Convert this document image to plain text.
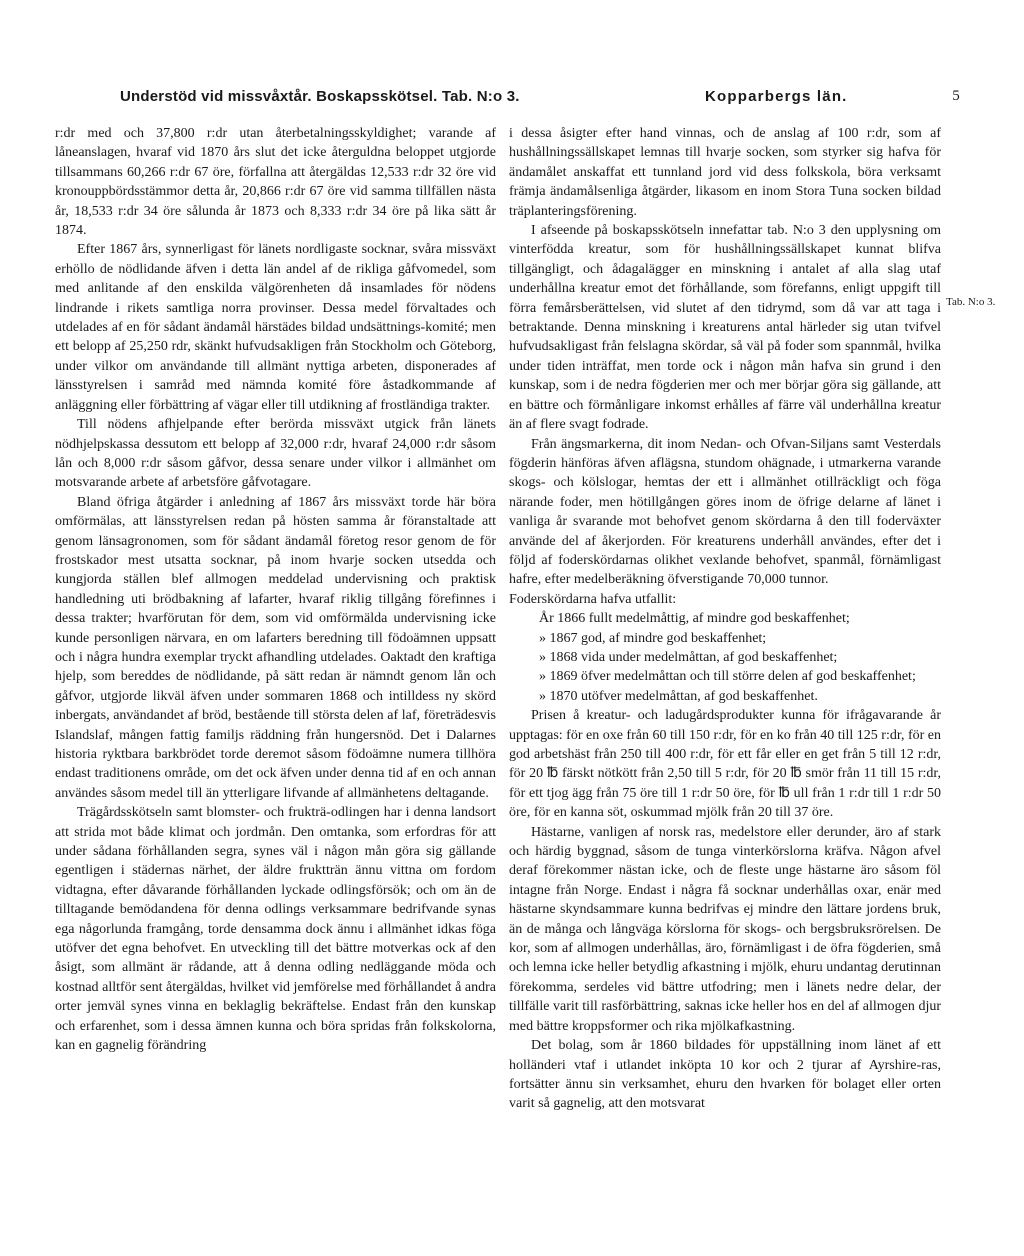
Understöd vid missvåxtår. Boskapsskötsel. Tab. N:o 3.	Kopparbergs län.	5

r:dr med och 37,800 r:dr utan återbetalningsskyldighet; varande af låneanslagen, hvaraf vid 1870 års slut det icke återguldna beloppet utgjorde tillsammans 60,266 r:dr 67 öre, förfallna att återgäldas 12,533 r:dr 32 öre vid kronouppbördsstämmor detta år, 20,866 r:dr 67 öre vid samma tillfällen nästa år, 18,533 r:dr 34 öre sålunda år 1873 och 8,333 r:dr 34 öre på lika sätt år 1874.

Efter 1867 års, synnerligast för länets nordligaste socknar, svåra missväxt erhöllo de nödlidande äfven i detta län andel af de rikliga gåfvomedel, som med anlitande af den enskilda välgörenheten då insamlades för nödens lindrande i rikets samtliga norra provinser. Dessa medel förvaltades och utdelades af en för sådant ändamål härstädes bildad undsättnings-komité; men ett belopp af 25,250 rdr, skänkt hufvudsakligen från Stockholm och Göteborg, under vilkor om användande till allmänt nyttiga arbeten, disponerades af länsstyrelsen i samråd med nämnda komité före åstadkommande af anläggning eller förbättring af vägar eller till utdikning af frostländiga trakter.

Till nödens afhjelpande efter berörda missväxt utgick från länets nödhjelpskassa dessutom ett belopp af 32,000 r:dr, hvaraf 24,000 r:dr såsom lån och 8,000 r:dr såsom gåfvor, dessa senare under vilkor i allmänhet om motsvarande arbete af arbetsföre gåfvotagare.

Bland öfriga åtgärder i anledning af 1867 års missväxt torde här böra omförmälas, att länsstyrelsen redan på hösten samma år föranstaltade att genom länsagronomen, som för sådant ändamål företog resor genom de för frostskador mest utsatta socknar, på inom hvarje socken utsedda och kungjorda ställen blef allmogen meddelad undervisning och praktisk handledning uti brödbakning af lafarter, hvaraf riklig tillgång förefinnes i dessa trakter; hvarförutan för dem, som vid omförmälda undervisning icke kunde personligen närvara, en om lafarters beredning till födoämnen uppsatt och i några hundra exemplar tryckt afhandling utdelades. Oaktadt den kraftiga hjelp, som bereddes de nödlidande, på sätt redan är nämndt genom lån och gåfvor, utgjorde likväl äfven under sommaren 1868 och intilldess ny skörd inbergats, användandet af bröd, bestående till största delen af laf, företrädesvis Islandslaf, mången fattig familjs räddning från hungersnöd. Det i Dalarnes historia ryktbara barkbrödet torde deremot såsom födoämne numera tillhöra endast traditionens område, om det ock äfven under denna tid af en och annan användes såsom medel till än ytterligare lifvande af allmänhetens deltagande.

Trägårdsskötseln samt blomster- och frukträ-odlingen har i denna landsort att strida mot både klimat och jordmån. Den omtanka, som erfordras för att under sådana förhållanden segra, synes väl i någon mån göra sig gällande egentligen i städernas närhet, der äldre fruktträn ännu vittna om fordom vidtagna, efter dåvarande förhållanden lyckade odlingsförsök; och om än de tilltagande bemödandena för denna odlings verksammare bedrifvande synas ega någorlunda framgång, torde densamma dock ännu i allmänhet idkas föga utöfver det egna behofvet. En utveckling till det bättre motverkas ock af den åsigt, som allmänt är rådande, att å denna odling nedläggande möda och kostnad alltför sent återgäldas, hvilket vid jemförelse med förhållandet å andra orter jemväl synes vinna en beklaglig bekräftelse. Endast från den kunskap och erfarenhet, som i dessa ämnen kunna och böra spridas från folkskolorna, kan en gagnelig förändring

i dessa åsigter efter hand vinnas, och de anslag af 100 r:dr, som af hushållningssällskapet lemnas till hvarje socken, som styrker sig hafva för ändamålet anskaffat ett tunnland jord vid dess folkskola, böra verksamt främja ändamålsenliga åtgärder, likasom en inom Stora Tuna socken bildad träplanteringsförening.

I afseende på boskapsskötseln innefattar tab. N:o 3 den upplysning om vinterfödda kreatur, som för hushållningssällskapet kunnat blifva tillgängligt, och ådagalägger en minskning i antalet af alla slag utaf underhållna kreatur emot det förhållande, som förefanns, enligt uppgift till förra femårsberättelsen, vid slutet af den tidrymd, som då var att taga i betraktande. Denna minskning i kreaturens antal härleder sig utan tvifvel hufvudsakligast från felslagna skördar, så väl på foder som spannmål, hvilka under tiden inträffat, men torde ock i någon mån hafva sin grund i den kunskap, som i de nedra fögderien mer och mer börjar göra sig gällande, att en bättre och förmånligare inkomst erhålles af färre väl underhållna kreatur än af flere svagt fodrade.

Från ängsmarkerna, dit inom Nedan- och Ofvan-Siljans samt Vesterdals fögderin hänföras äfven aflägsna, stundom ohägnade, i utmarkerna varande skogs- och kölslogar, hemtas der ett i allmänhet otillräckligt och föga närande foder, men hötillgången göres inom de öfrige delarne af länet i vanliga år svarande mot behofvet genom skördarna å den till foderväxter använde del af åkerjorden. För kreaturens underhåll användes, efter det i följd af foderskördarnas olikhet vexlande behofvet, spanmål, förnämligast hafre, efter medelberäkning öfverstigande 70,000 tunnor.

Foderskördarna hafva utfallit:

År 1866 fullt medelmåttig, af mindre god beskaffenhet;

» 1867 god, af mindre god beskaffenhet;

» 1868 vida under medelmåttan, af god beskaffenhet;

» 1869 öfver medelmåttan och till större delen af god beskaffenhet;

» 1870 utöfver medelmåttan, af god beskaffenhet.

Prisen å kreatur- och ladugårdsprodukter kunna för ifrågavarande år upptagas: för en oxe från 60 till 150 r:dr, för en ko från 40 till 125 r:dr, för en god arbetshäst från 250 till 400 r:dr, för ett får eller en get från 5 till 12 r:dr, för 20 ℔ färskt nötkött från 2,50 till 5 r:dr, för 20 ℔ smör från 11 till 15 r:dr, för ett tjog ägg från 75 öre till 1 r:dr 50 öre, för ℔ ull från 1 r:dr till 1 r:dr 50 öre, för en kanna söt, oskummad mjölk från 20 till 37 öre.

Hästarne, vanligen af norsk ras, medelstore eller derunder, äro af stark och härdig byggnad, såsom de tunga vinterkörslorna kräfva. Någon afvel deraf förekommer nästan icke, och de fleste unge hästarne äro såsom föl intagne från Norge. Endast i några få socknar underhållas oxar, enär med hästarne skyndsammare kunna bedrifvas ej mindre den lättare jordens bruk, än de många och långväga körslorna för skogs- och bergsbruksrörelsen. De kor, som af allmogen underhållas, äro, förnämligast i de öfra fögderien, små och lemna icke heller betydlig afkastning i mjölk, ehuru undantag derutinnan förekomma, serdeles vid bättre utfodring; men i länets nedre delar, der tillfälle varit till rasförbättring, saknas icke heller hos en del af allmogen djur med bättre kroppsformer och rika mjölkafkastning.

Det bolag, som år 1860 bildades för uppställning inom länet af ett holländeri vtaf i utlandet inköpta 10 kor och 2 tjurar af Ayrshire-ras, fortsätter ännu sin verksamhet, ehuru den hvarken för bolaget eller orten varit så gagnelig, att den motsvarat

Tab. N:o 3.
